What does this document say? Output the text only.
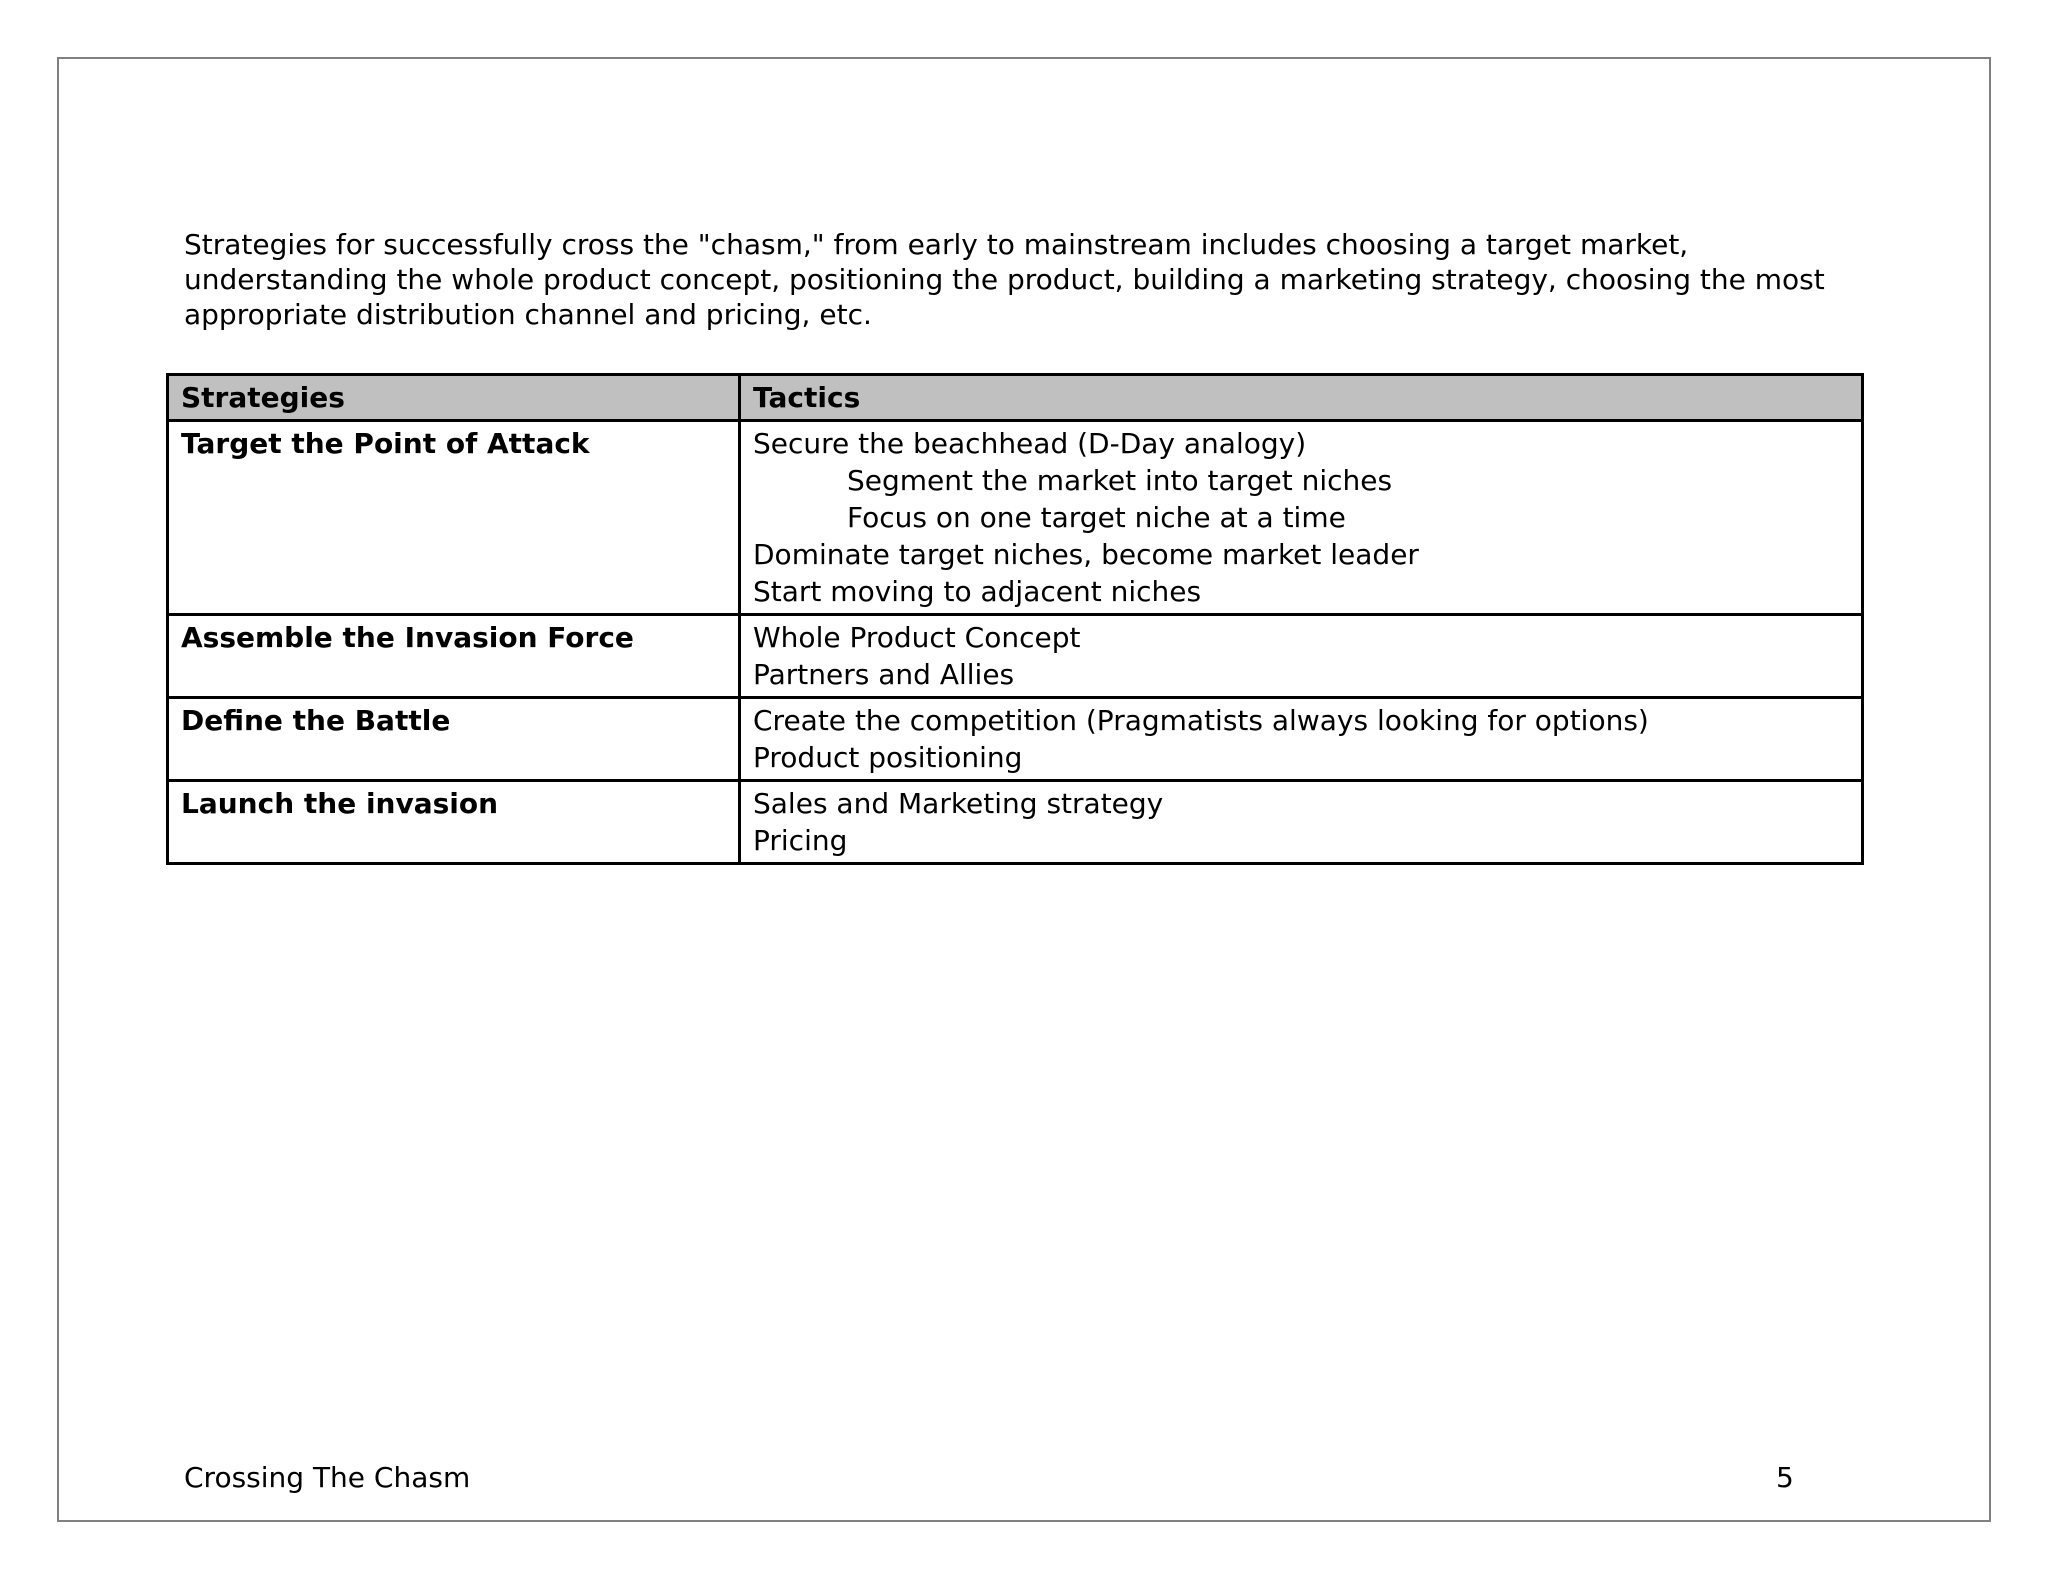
Strategies for successfully cross the "chasm," from early to mainstream includes choosing a target market, understanding the whole product concept, positioning the product, building a marketing strategy, choosing the most appropriate distribution channel and pricing, etc.

Strategies	Tactics
Target the Point of Attack	Secure the beachhead (D-Day analogy)
Segment the market into target niches
Focus on one target niche at a time
Dominate target niches, become market leader
Start moving to adjacent niches

Assemble the Invasion Force	Whole Product Concept
Partners and Allies

Define the Battle	Create the competition (Pragmatists always looking for options)
Product positioning

Launch the invasion	Sales and Marketing strategy
Pricing
Crossing The Chasm	5
